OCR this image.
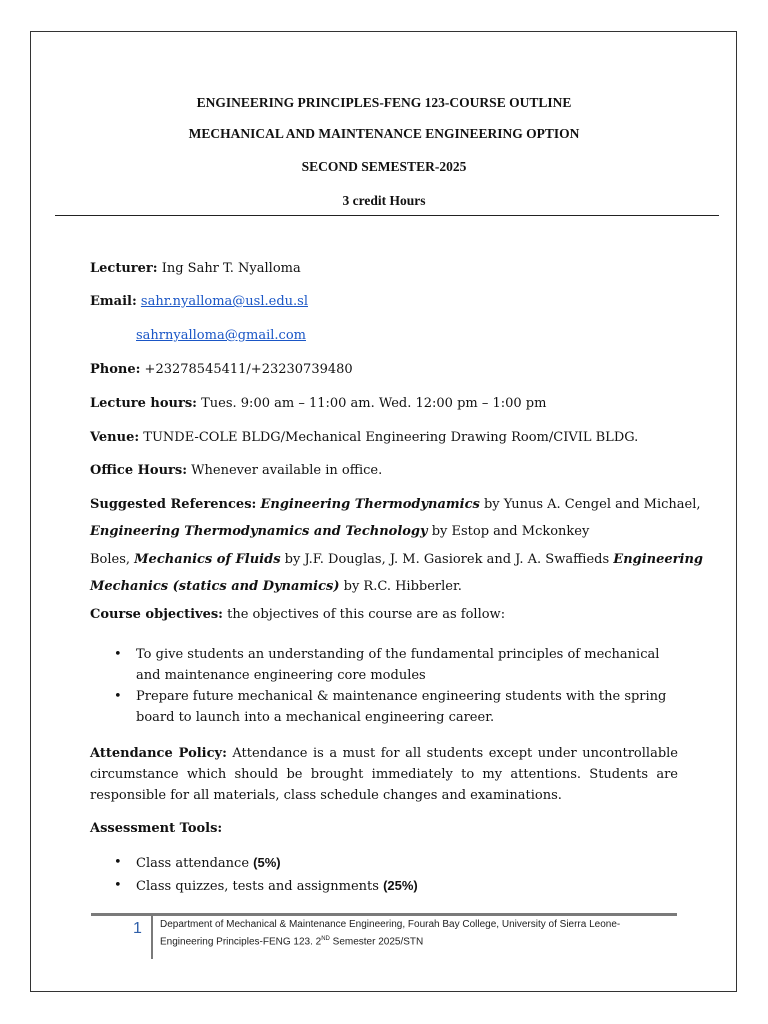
ENGINEERING PRINCIPLES-FENG 123-COURSE OUTLINE
MECHANICAL AND MAINTENANCE ENGINEERING OPTION
SECOND SEMESTER-2025
3 credit Hours
Lecturer: Ing Sahr T. Nyalloma
Email: sahr.nyalloma@usl.edu.sl
sahrnyalloma@gmail.com
Phone: +23278545411/+23230739480
Lecture hours: Tues. 9:00 am – 11:00 am. Wed. 12:00 pm – 1:00 pm
Venue: TUNDE-COLE BLDG/Mechanical Engineering Drawing Room/CIVIL BLDG.
Office Hours: Whenever available in office.
Suggested References: Engineering Thermodynamics by Yunus A. Cengel and Michael,
Engineering Thermodynamics and Technology by Estop and Mckonkey
Boles, Mechanics of Fluids by J.F. Douglas, J. M. Gasiorek and J. A. Swaffieds Engineering
Mechanics (statics and Dynamics) by R.C. Hibberler.
Course objectives: the objectives of this course are as follow:
• To give students an understanding of the fundamental principles of mechanical and maintenance engineering core modules
• Prepare future mechanical & maintenance engineering students with the spring board to launch into a mechanical engineering career.
Attendance Policy: Attendance is a must for all students except under uncontrollable circumstance which should be brought immediately to my attentions. Students are responsible for all materials, class schedule changes and examinations.
Assessment Tools:
• Class attendance (5%)
• Class quizzes, tests and assignments (25%)
1 Department of Mechanical & Maintenance Engineering, Fourah Bay College, University of Sierra Leone-
Engineering Principles-FENG 123. 2ND Semester 2025/STN
